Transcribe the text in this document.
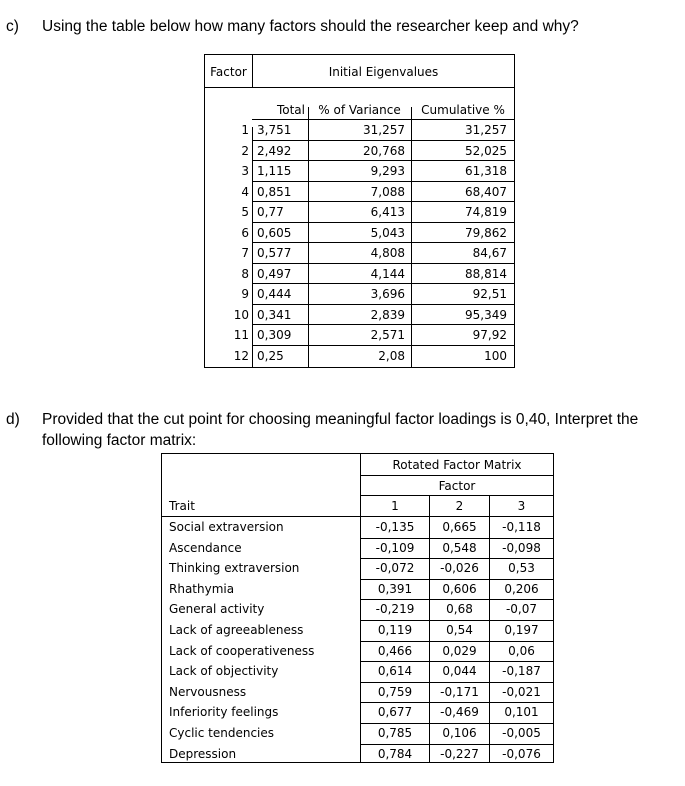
c) Using the table below how many factors should the researcher keep and why?
Factor	Initial Eigenvalues
Total	% of Variance	Cumulative %
1 3,751	31,257	31,257
2 2,492	20,768	52,025
3 1,115	9,293	61,318
4 0,851	7,088	68,407
5 0,77	6,413	74,819
6 0,605	5,043	79,862
7 0,577	4,808	84,67
8 0,497	4,144	88,814
9 0,444	3,696	92,51
10 0,341	2,839	95,349
11 0,309	2,571	97,92
12 0,25	2,08	100
d) Provided that the cut point for choosing meaningful factor loadings is 0,40, Interpret the following factor matrix:
Rotated Factor Matrix
Factor
Trait	1	2	3
Social extraversion	-0,135	0,665	-0,118
Ascendance	-0,109	0,548	-0,098
Thinking extraversion	-0,072	-0,026	0,53
Rhathymia	0,391	0,606	0,206
General activity	-0,219	0,68	-0,07
Lack of agreeableness	0,119	0,54	0,197
Lack of cooperativeness	0,466	0,029	0,06
Lack of objectivity	0,614	0,044	-0,187
Nervousness	0,759	-0,171	-0,021
Inferiority feelings	0,677	-0,469	0,101
Cyclic tendencies	0,785	0,106	-0,005
Depression	0,784	-0,227	-0,076
